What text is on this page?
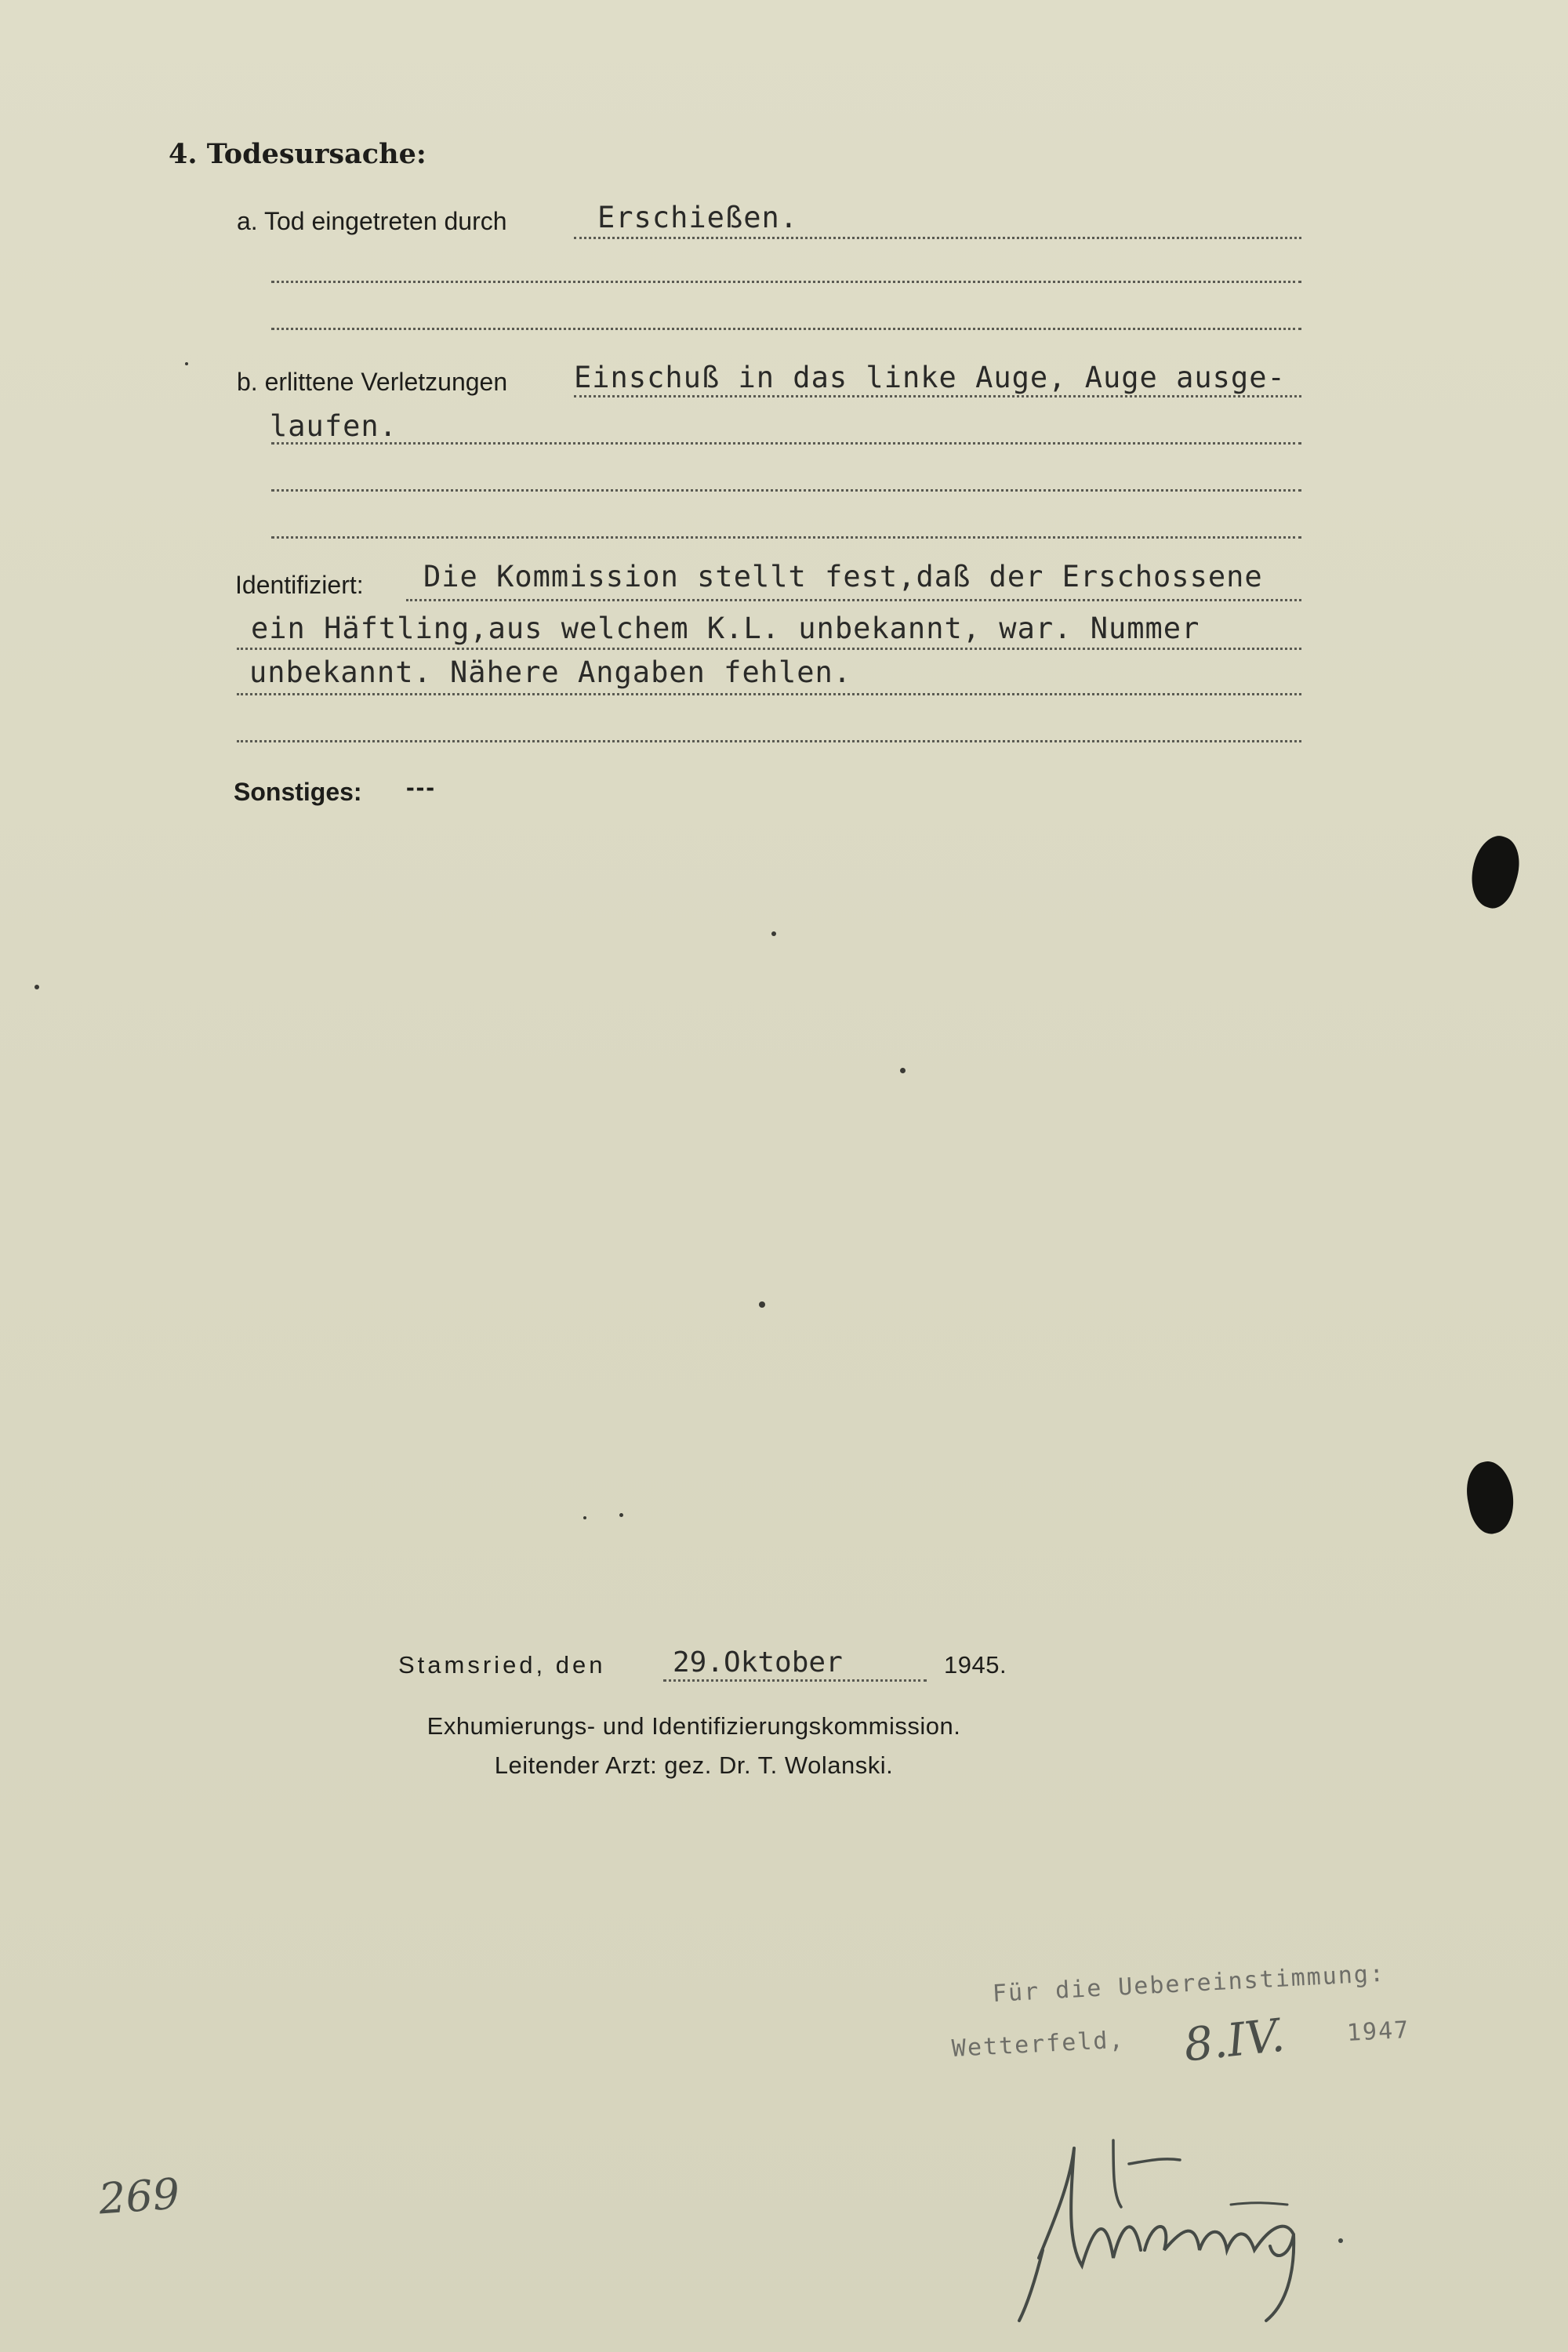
4. Todesursache:
a. Tod eingetreten durch	Erschießen.
b. erlittene Verletzungen Einschuß in das linke Auge, Auge ausge-
laufen.
Identifiziert: Die Kommission stellt fest,daß der Erschossene
ein Häftling,aus welchem K.L. unbekannt, war. Nummer
unbekannt. Nähere Angaben fehlen.
Sonstiges: ---
Stamsried, den 29.Oktober	1945.
Exhumierungs- und Identifizierungskommission.
Leitender Arzt: gez. Dr. T. Wolanski.
Für die Uebereinstimmung:
Wetterfeld, 8.IV.	1947
269
